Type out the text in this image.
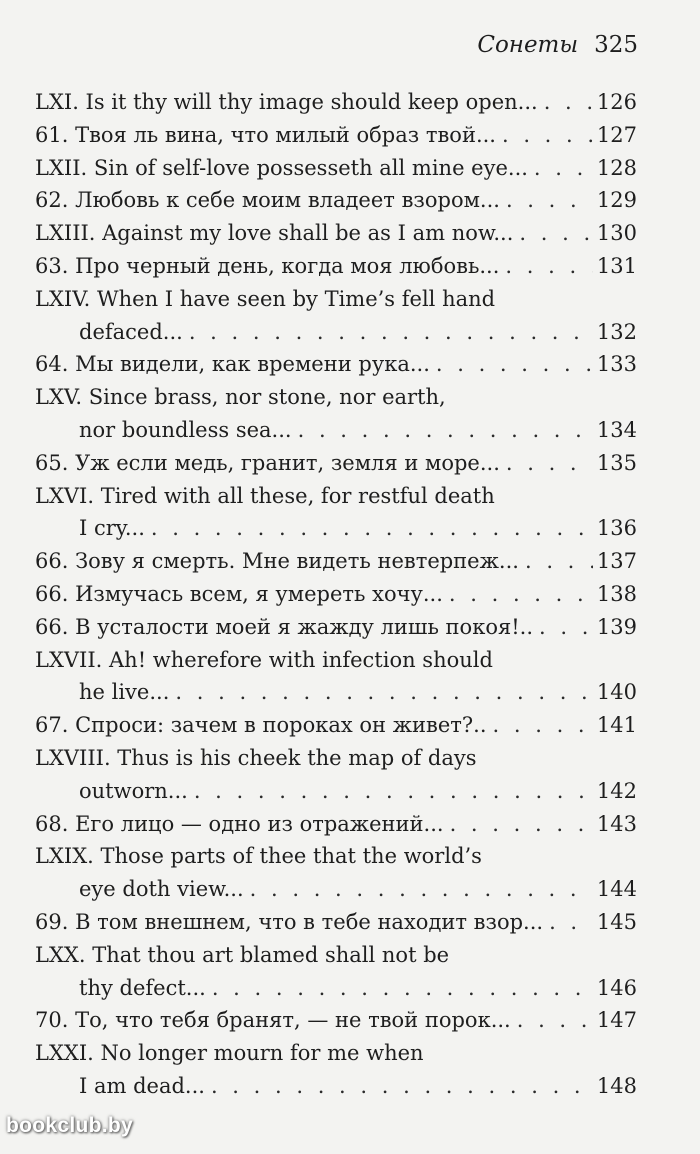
Сонеты 325
LXI. Is it thy will thy image should keep open... . . .	126
61. Твоя ль вина, что милый образ твой... . . .	127
LXII. Sin of self-love possesseth all mine eye... . . .	128
62. Любовь к себе моим владеет взором... . . .	129
LXIII. Against my love shall be as I am now... . . .	130
63. Про черный день, когда моя любовь... . . .	131
LXIV. When I have seen by Time’s fell hand
defaced... . . .	132
64. Мы видели, как времени рука... . . .	133
LXV. Since brass, nor stone, nor earth,
nor boundless sea... . . .	134
65. Уж если медь, гранит, земля и море... . . .	135
LXVI. Tired with all these, for restful death
I cry... . . .	136
66. Зову я смерть. Мне видеть невтерпеж... . . .	137
66. Измучась всем, я умереть хочу... . . .	138
66. В усталости моей я жажду лишь покоя!.. . . .	139
LXVII. Ah! wherefore with infection should
he live... . . .	140
67. Спроси: зачем в пороках он живет?.. . . .	141
LXVIII. Thus is his cheek the map of days
outworn... . . .	142
68. Его лицо — одно из отражений... . . .	143
LXIX. Those parts of thee that the world’s
eye doth view... . . .	144
69. В том внешнем, что в тебе находит взор... . . .	145
LXX. That thou art blamed shall not be
thy defect... . . .	146
70. То, что тебя бранят, — не твой порок... . . .	147
LXXI. No longer mourn for me when
I am dead... . . .	148
bookclub.by
